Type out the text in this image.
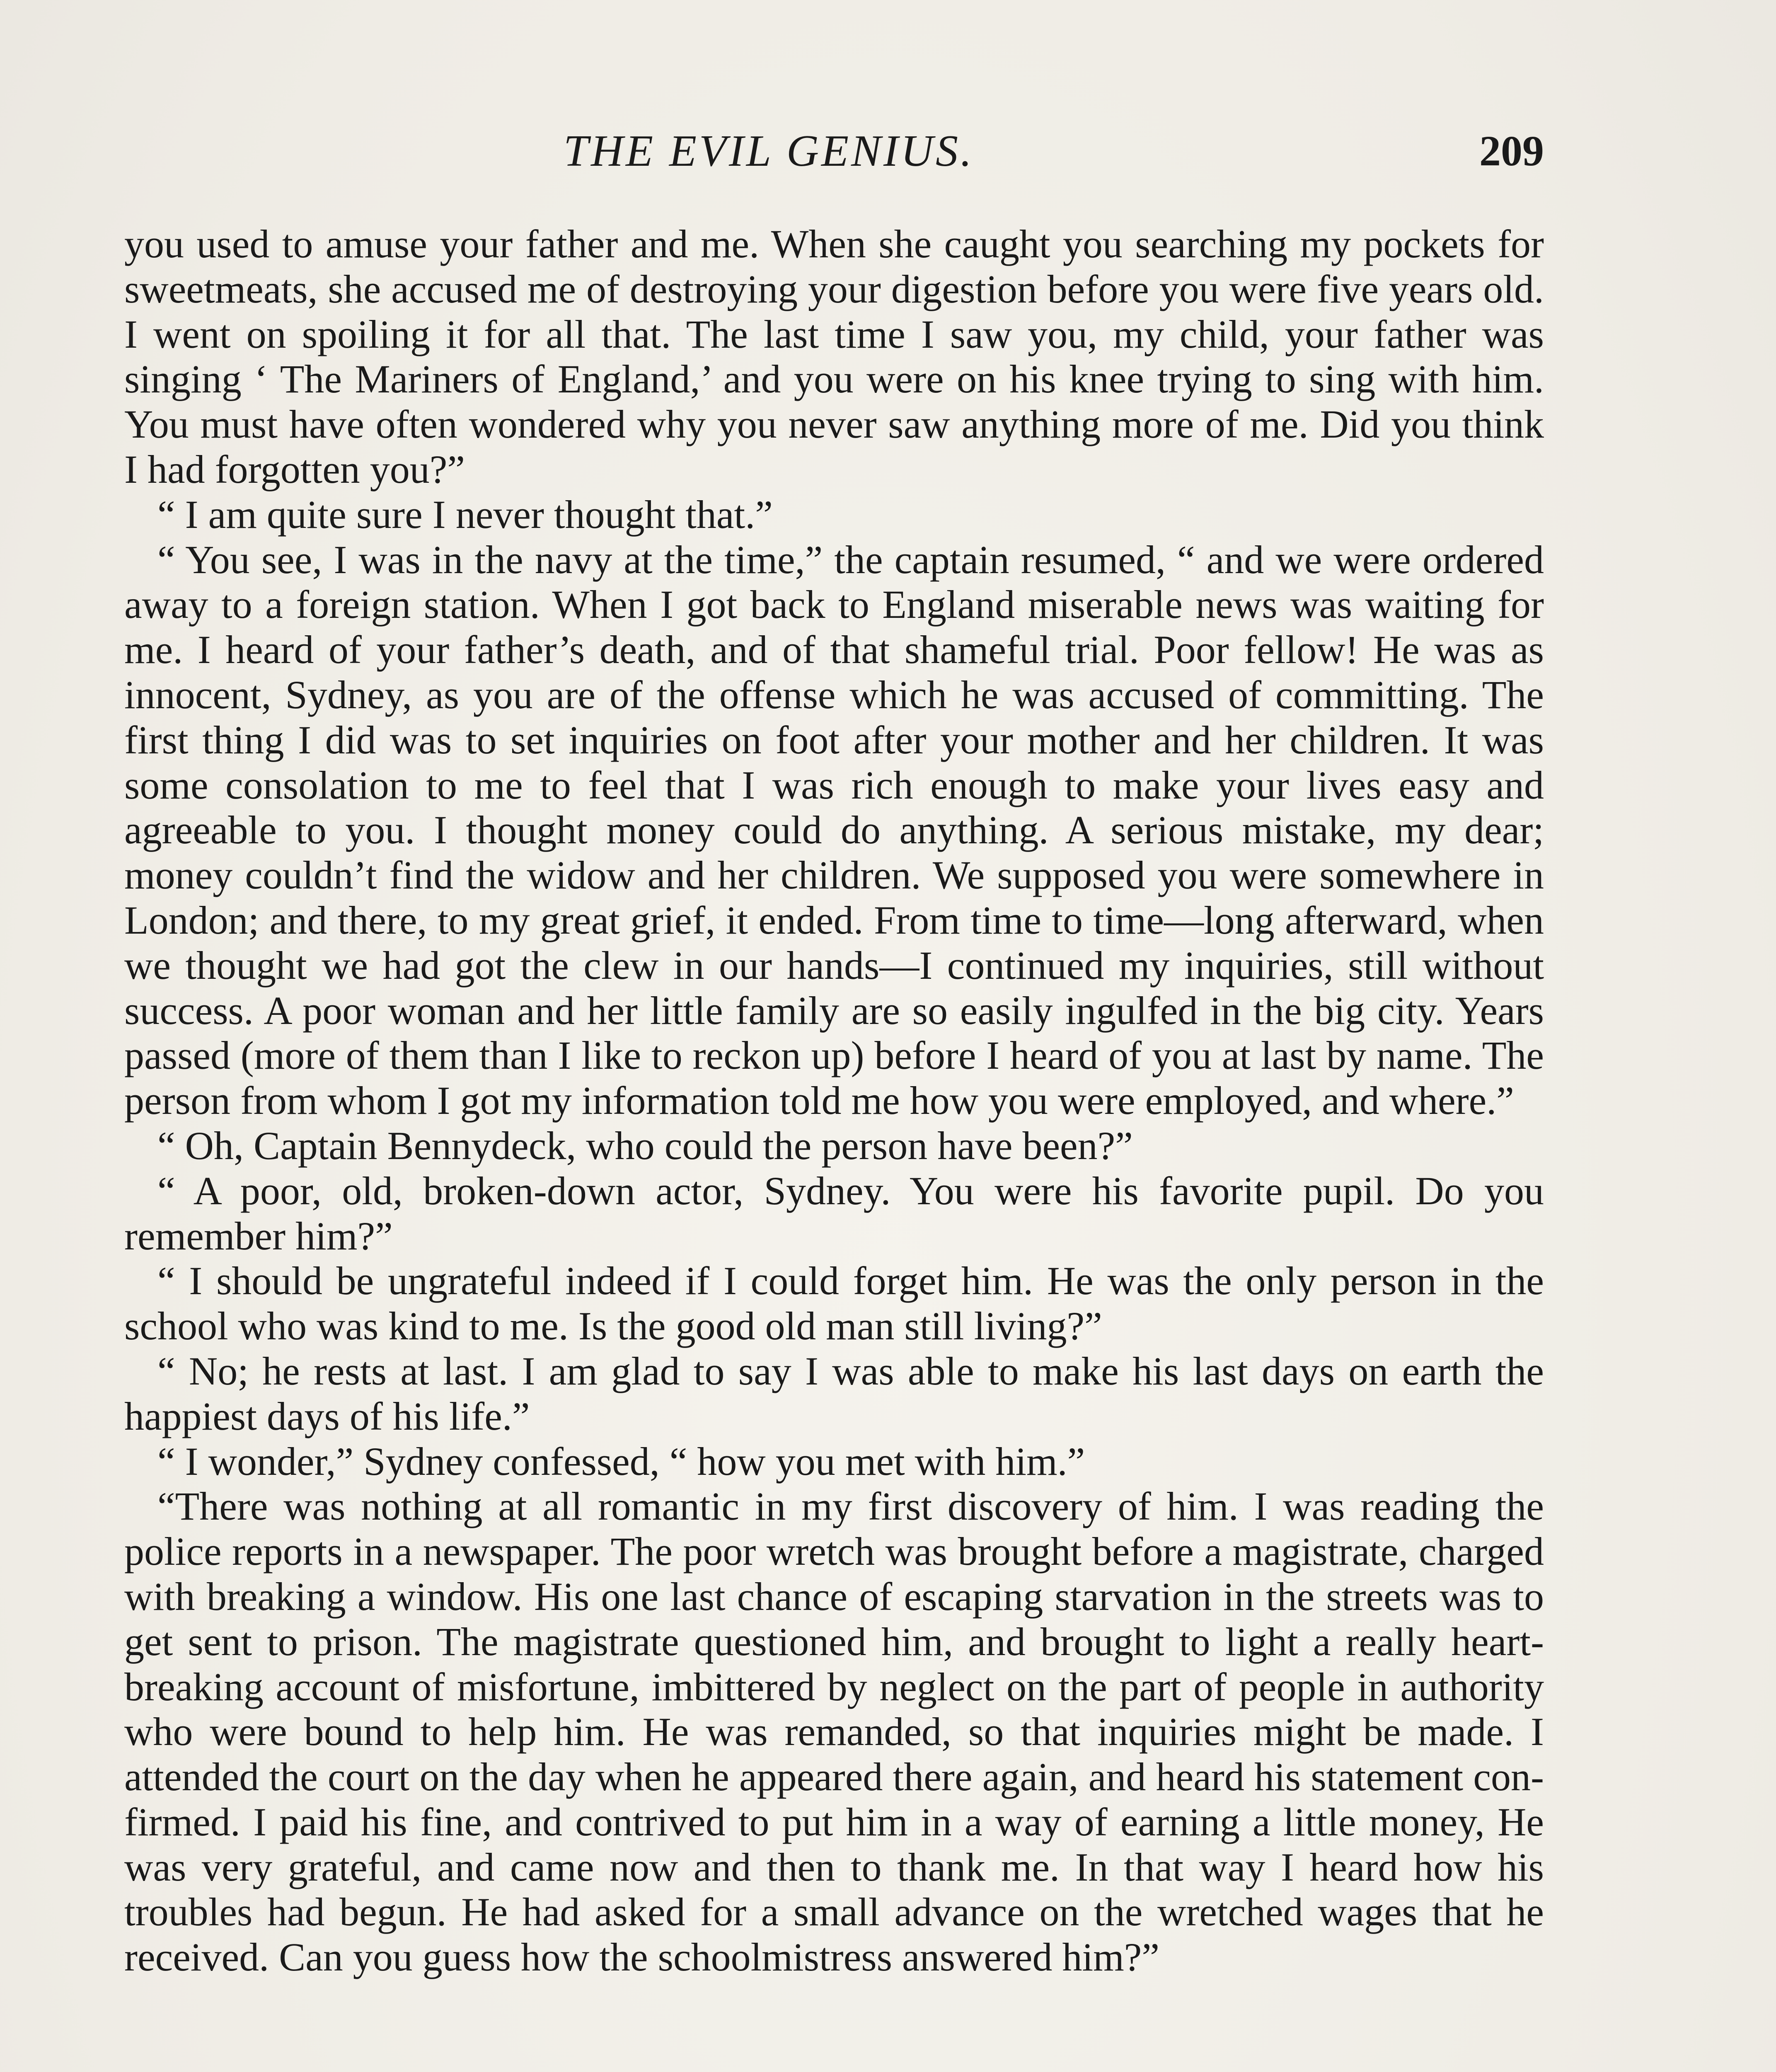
THE EVIL GENIUS.	209

you used to amuse your father and me. When she caught you searching my pockets for sweetmeats, she accused me of destroying your digestion before you were five years old. I went on spoiling it for all that. The last time I saw you, my child, your father was singing ‘ The Mariners of England,’ and you were on his knee trying to sing with him. You must have often wondered why you never saw anything more of me. Did you think I had forgotten you?”

“ I am quite sure I never thought that.”

“ You see, I was in the navy at the time,” the captain resumed, “ and we were ordered away to a foreign station. When I got back to England miserable news was waiting for me. I heard of your father’s death, and of that shameful trial. Poor fellow! He was as innocent, Sydney, as you are of the offense which he was accused of committing. The first thing I did was to set inquiries on foot after your mother and her children. It was some consolation to me to feel that I was rich enough to make your lives easy and agreeable to you. I thought money could do anything. A serious mistake, my dear; money couldn’t find the widow and her children. We supposed you were somewhere in London; and there, to my great grief, it ended. From time to time—long afterward, when we thought we had got the clew in our hands—I continued my inquiries, still without success. A poor woman and her little family are so easily ingulfed in the big city. Years passed (more of them than I like to reckon up) before I heard of you at last by name. The person from whom I got my information told me how you were employed, and where.”

“ Oh, Captain Bennydeck, who could the person have been?”

“ A poor, old, broken-down actor, Sydney. You were his favorite pupil. Do you remember him?”

“ I should be ungrateful indeed if I could forget him. He was the only person in the school who was kind to me. Is the good old man still living?”

“ No; he rests at last. I am glad to say I was able to make his last days on earth the happiest days of his life.”

“ I wonder,” Sydney confessed, “ how you met with him.”

“There was nothing at all romantic in my first discovery of him. I was reading the police reports in a newspaper. The poor wretch was brought before a magistrate, charged with breaking a window. His one last chance of escaping starvation in the streets was to get sent to prison. The magistrate questioned him, and brought to light a really heart-breaking account of misfortune, imbittered by neglect on the part of people in authority who were bound to help him. He was remanded, so that inquiries might be made. I attended the court on the day when he appeared there again, and heard his statement confirmed. I paid his fine, and contrived to put him in a way of earning a little money, He was very grateful, and came now and then to thank me. In that way I heard how his troubles had begun. He had asked for a small advance on the wretched wages that he received. Can you guess how the schoolmistress answered him?”
